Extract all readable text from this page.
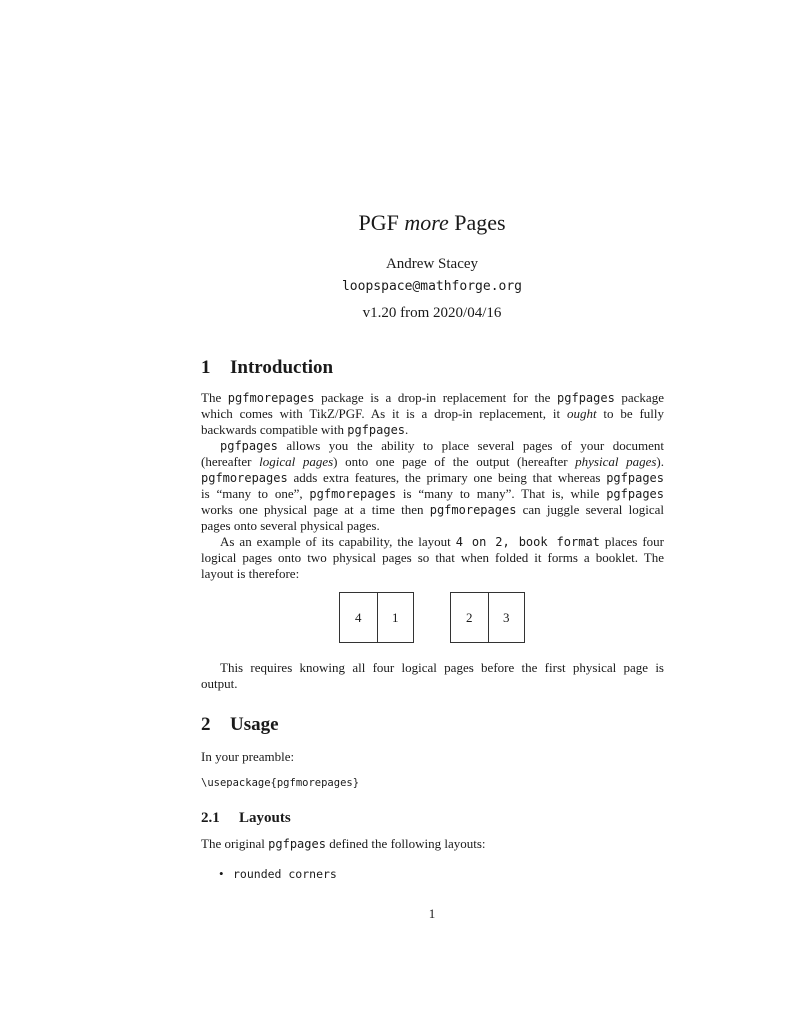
PGF more Pages
Andrew Stacey
loopspace@mathforge.org
v1.20 from 2020/04/16
1 Introduction
The pgfmorepages package is a drop-in replacement for the pgfpages package
which comes with TikZ/PGF. As it is a drop-in replacement, it ought to be fully
backwards compatible with pgfpages.
pgfpages allows you the ability to place several pages of your document
(hereafter logical pages) onto one page of the output (hereafter physical pages).
pgfmorepages adds extra features, the primary one being that whereas pgfpages
is “many to one”, pgfmorepages is “many to many”. That is, while pgfpages
works one physical page at a time then pgfmorepages can juggle several logical
pages onto several physical pages.
As an example of its capability, the layout 4 on 2, book format places four
logical pages onto two physical pages so that when folded it forms a booklet. The
layout is therefore:
4	1	2	3
This requires knowing all four logical pages before the first physical page is
output.
2 Usage
In your preamble:
\usepackage{pgfmorepages}
2.1 Layouts
The original pgfpages defined the following layouts:
• rounded corners
1
